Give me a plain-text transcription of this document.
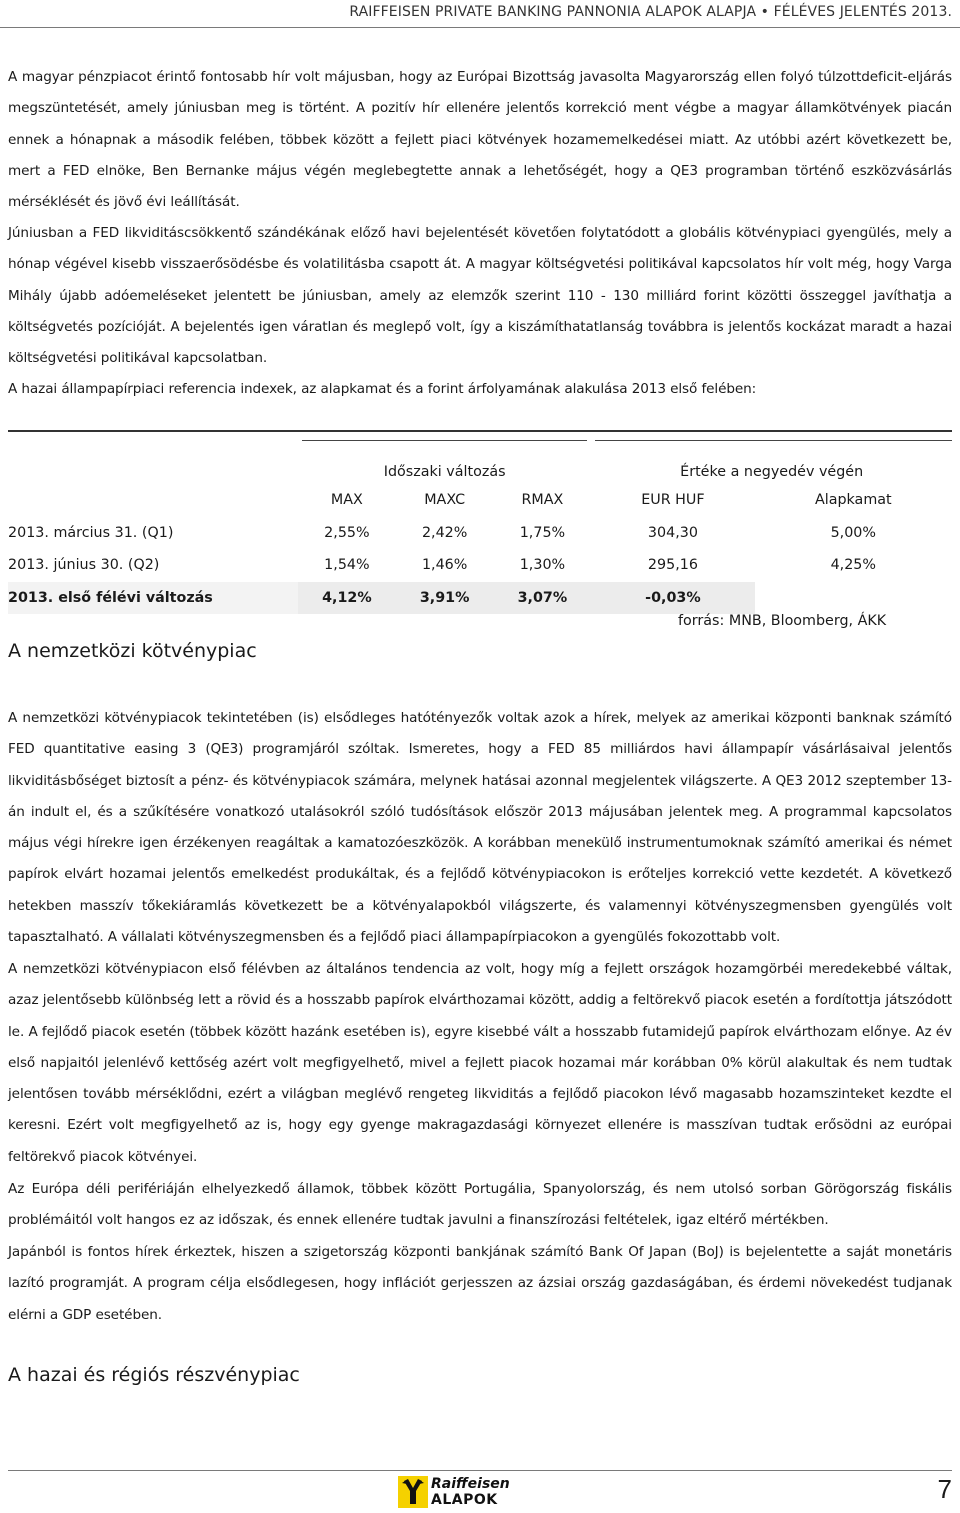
RAIFFEISEN PRIVATE BANKING PANNONIA ALAPOK ALAPJA • FÉLÉVES JELENTÉS 2013.

A magyar pénzpiacot érintő fontosabb hír volt májusban, hogy az Európai Bizottság javasolta Magyarország ellen folyó túlzottdeficit-eljárás megszüntetését, amely júniusban meg is történt. A pozitív hír ellenére jelentős korrekció ment végbe a magyar államkötvények piacán ennek a hónapnak a második felében, többek között a fejlett piaci kötvények hozamemelkedései miatt. Az utóbbi azért következett be, mert a FED elnöke, Ben Bernanke május végén meglebegtette annak a lehetőségét, hogy a QE3 programban történő eszközvásárlás mérséklését és jövő évi leállítását.

Júniusban a FED likviditáscsökkentő szándékának előző havi bejelentését követően folytatódott a globális kötvénypiaci gyengülés, mely a hónap végével kisebb visszaerősödésbe és volatilitásba csapott át. A magyar költségvetési politikával kapcsolatos hír volt még, hogy Varga Mihály újabb adóemeléseket jelentett be júniusban, amely az elemzők szerint 110 - 130 milliárd forint közötti összeggel javíthatja a költségvetés pozícióját. A bejelentés igen váratlan és meglepő volt, így a kiszámíthatatlanság továbbra is jelentős kockázat maradt a hazai költségvetési politikával kapcsolatban.

A hazai állampapírpiaci referencia indexek, az alapkamat és a forint árfolyamának alakulása 2013 első felében:

Időszaki változás			Értéke a negyedév végén	
	MAX	MAXC	RMAX	EUR HUF	Alapkamat
2013. március 31. (Q1)	2,55%	2,42%	1,75%	304,30	5,00%
2013. június 30. (Q2)	1,54%	1,46%	1,30%	295,16	4,25%
2013. első félévi változás	4,12%	3,91%	3,07%	-0,03%	
forrás: MNB, Bloomberg, ÁKK
A nemzetközi kötvénypiac

A nemzetközi kötvénypiacok tekintetében (is) elsődleges hatótényezők voltak azok a hírek, melyek az amerikai központi banknak számító FED quantitative easing 3 (QE3) programjáról szóltak. Ismeretes, hogy a FED 85 milliárdos havi állampapír vásárlásaival jelentős likviditásbőséget biztosít a pénz- és kötvénypiacok számára, melynek hatásai azonnal megjelentek világszerte. A QE3 2012 szeptember 13-án indult el, és a szűkítésére vonatkozó utalásokról szóló tudósítások először 2013 májusában jelentek meg. A programmal kapcsolatos május végi hírekre igen érzékenyen reagáltak a kamatozóeszközök. A korábban menekülő instrumentumoknak számító amerikai és német papírok elvárt hozamai jelentős emelkedést produkáltak, és a fejlődő kötvénypiacokon is erőteljes korrekció vette kezdetét. A következő hetekben masszív tőkekiáramlás következett be a kötvényalapokból világszerte, és valamennyi kötvényszegmensben gyengülés volt tapasztalható. A vállalati kötvényszegmensben és a fejlődő piaci állampapírpiacokon a gyengülés fokozottabb volt.

A nemzetközi kötvénypiacon első félévben az általános tendencia az volt, hogy míg a fejlett országok hozamgörbéi meredekebbé váltak, azaz jelentősebb különbség lett a rövid és a hosszabb papírok elvárthozamai között, addig a feltörekvő piacok esetén a fordítottja játszódott le. A fejlődő piacok esetén (többek között hazánk esetében is), egyre kisebbé vált a hosszabb futamidejű papírok elvárthozam előnye. Az év első napjaitól jelenlévő kettőség azért volt megfigyelhető, mivel a fejlett piacok hozamai már korábban 0% körül alakultak és nem tudtak jelentősen tovább mérséklődni, ezért a világban meglévő rengeteg likviditás a fejlődő piacokon lévő magasabb hozamszinteket kezdte el keresni. Ezért volt megfigyelhető az is, hogy egy gyenge makragazdasági környezet ellenére is masszívan tudtak erősödni az európai feltörekvő piacok kötvényei.

Az Európa déli perifériáján elhelyezkedő államok, többek között Portugália, Spanyolország, és nem utolsó sorban Görögország fiskális problémáitól volt hangos ez az időszak, és ennek ellenére tudtak javulni a finanszírozási feltételek, igaz eltérő mértékben.

Japánból is fontos hírek érkeztek, hiszen a szigetország központi bankjának számító Bank Of Japan (BoJ) is bejelentette a saját monetáris lazító programját. A program célja elsődlegesen, hogy inflációt gerjesszen az ázsiai ország gazdaságában, és érdemi növekedést tudjanak elérni a GDP esetében.

A hazai és régiós részvénypiac
Raiffeisen
ALAPOK	7
